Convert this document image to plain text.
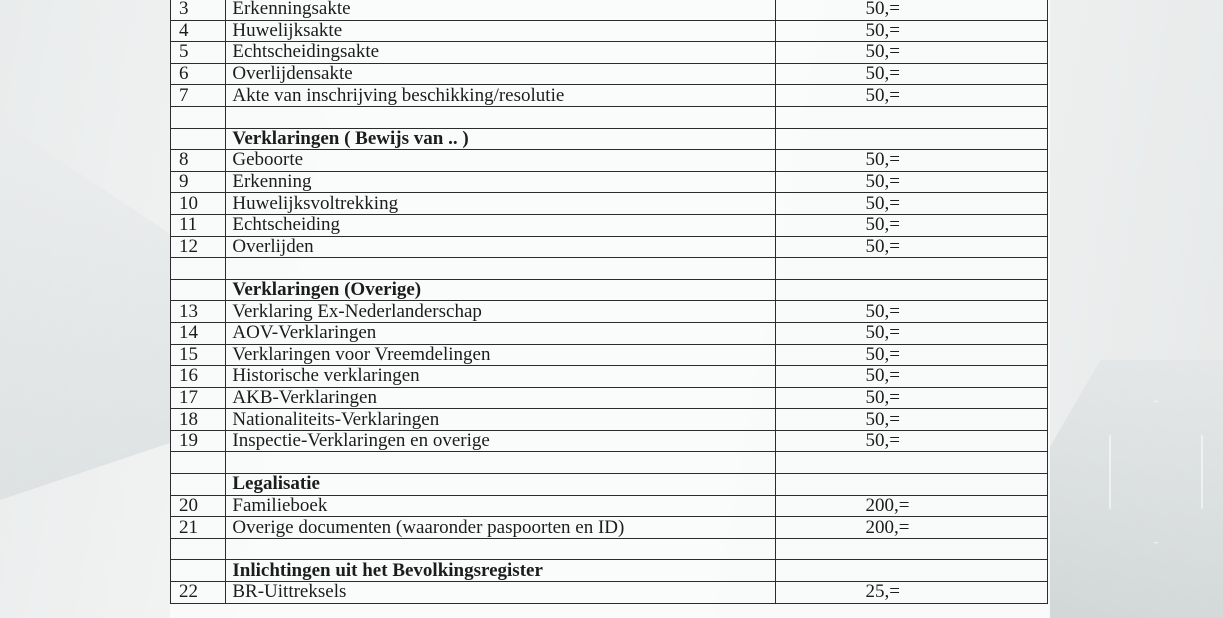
3	Erkenningsakte	50,=
4	Huwelijksakte	50,=
5	Echtscheidingsakte	50,=
6	Overlijdensakte	50,=
7	Akte van inschrijving beschikking/resolutie	50,=

	Verklaringen ( Bewijs van .. )	
8	Geboorte	50,=
9	Erkenning	50,=
10	Huwelijksvoltrekking	50,=
11	Echtscheiding	50,=
12	Overlijden	50,=

	Verklaringen (Overige)	
13	Verklaring Ex-Nederlanderschap	50,=
14	AOV-Verklaringen	50,=
15	Verklaringen voor Vreemdelingen	50,=
16	Historische verklaringen	50,=
17	AKB-Verklaringen	50,=
18	Nationaliteits-Verklaringen	50,=
19	Inspectie-Verklaringen en overige	50,=

	Legalisatie	
20	Familieboek	200,=
21	Overige documenten (waaronder paspoorten en ID)	200,=

	Inlichtingen uit het Bevolkingsregister	
22	BR-Uittreksels	25,=
